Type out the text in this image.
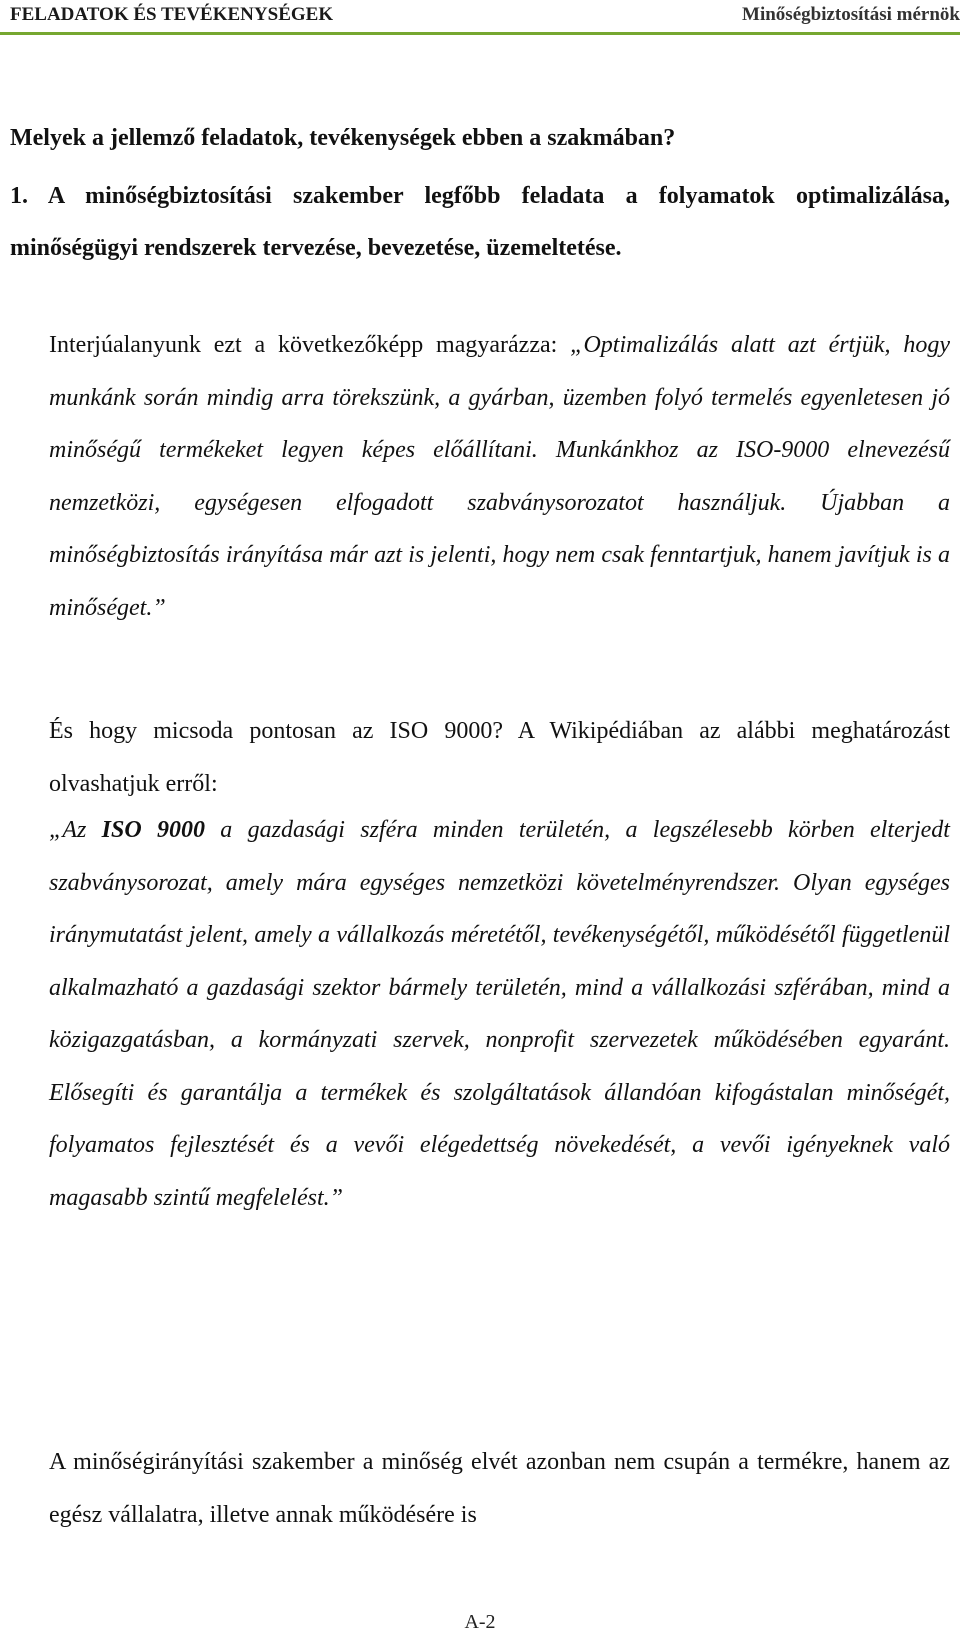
FELADATOK ÉS TEVÉKENYSÉGEK	Minőségbiztosítási mérnök

Melyek a jellemző feladatok, tevékenységek ebben a szakmában?

1. A minőségbiztosítási szakember legfőbb feladata a folyamatok optimalizálása, minőségügyi rendszerek tervezése, bevezetése, üzemeltetése.

Interjúalanyunk ezt a következőképp magyarázza: „Optimalizálás alatt azt értjük, hogy munkánk során mindig arra törekszünk, a gyárban, üzemben folyó termelés egyenletesen jó minőségű termékeket legyen képes előállítani. Munkánkhoz az ISO-9000 elnevezésű nemzetközi, egységesen elfogadott szabványsorozatot használjuk. Újabban a minőségbiztosítás irányítása már azt is jelenti, hogy nem csak fenntartjuk, hanem javítjuk is a minőséget.”

És hogy micsoda pontosan az ISO 9000? A Wikipédiában az alábbi meghatározást olvashatjuk erről:

„Az ISO 9000 a gazdasági szféra minden területén, a legszélesebb körben elterjedt szabványsorozat, amely mára egységes nemzetközi követelményrendszer. Olyan egységes iránymutatást jelent, amely a vállalkozás méretétől, tevékenységétől, működésétől függetlenül alkalmazható a gazdasági szektor bármely területén, mind a vállalkozási szférában, mind a közigazgatásban, a kormányzati szervek, nonprofit szervezetek működésében egyaránt. Elősegíti és garantálja a termékek és szolgáltatások állandóan kifogástalan minőségét, folyamatos fejlesztését és a vevői elégedettség növekedését, a vevői igényeknek való magasabb szintű megfelelést.”

A minőségirányítási szakember a minőség elvét azonban nem csupán a termékre, hanem az egész vállalatra, illetve annak működésére is

A-2
